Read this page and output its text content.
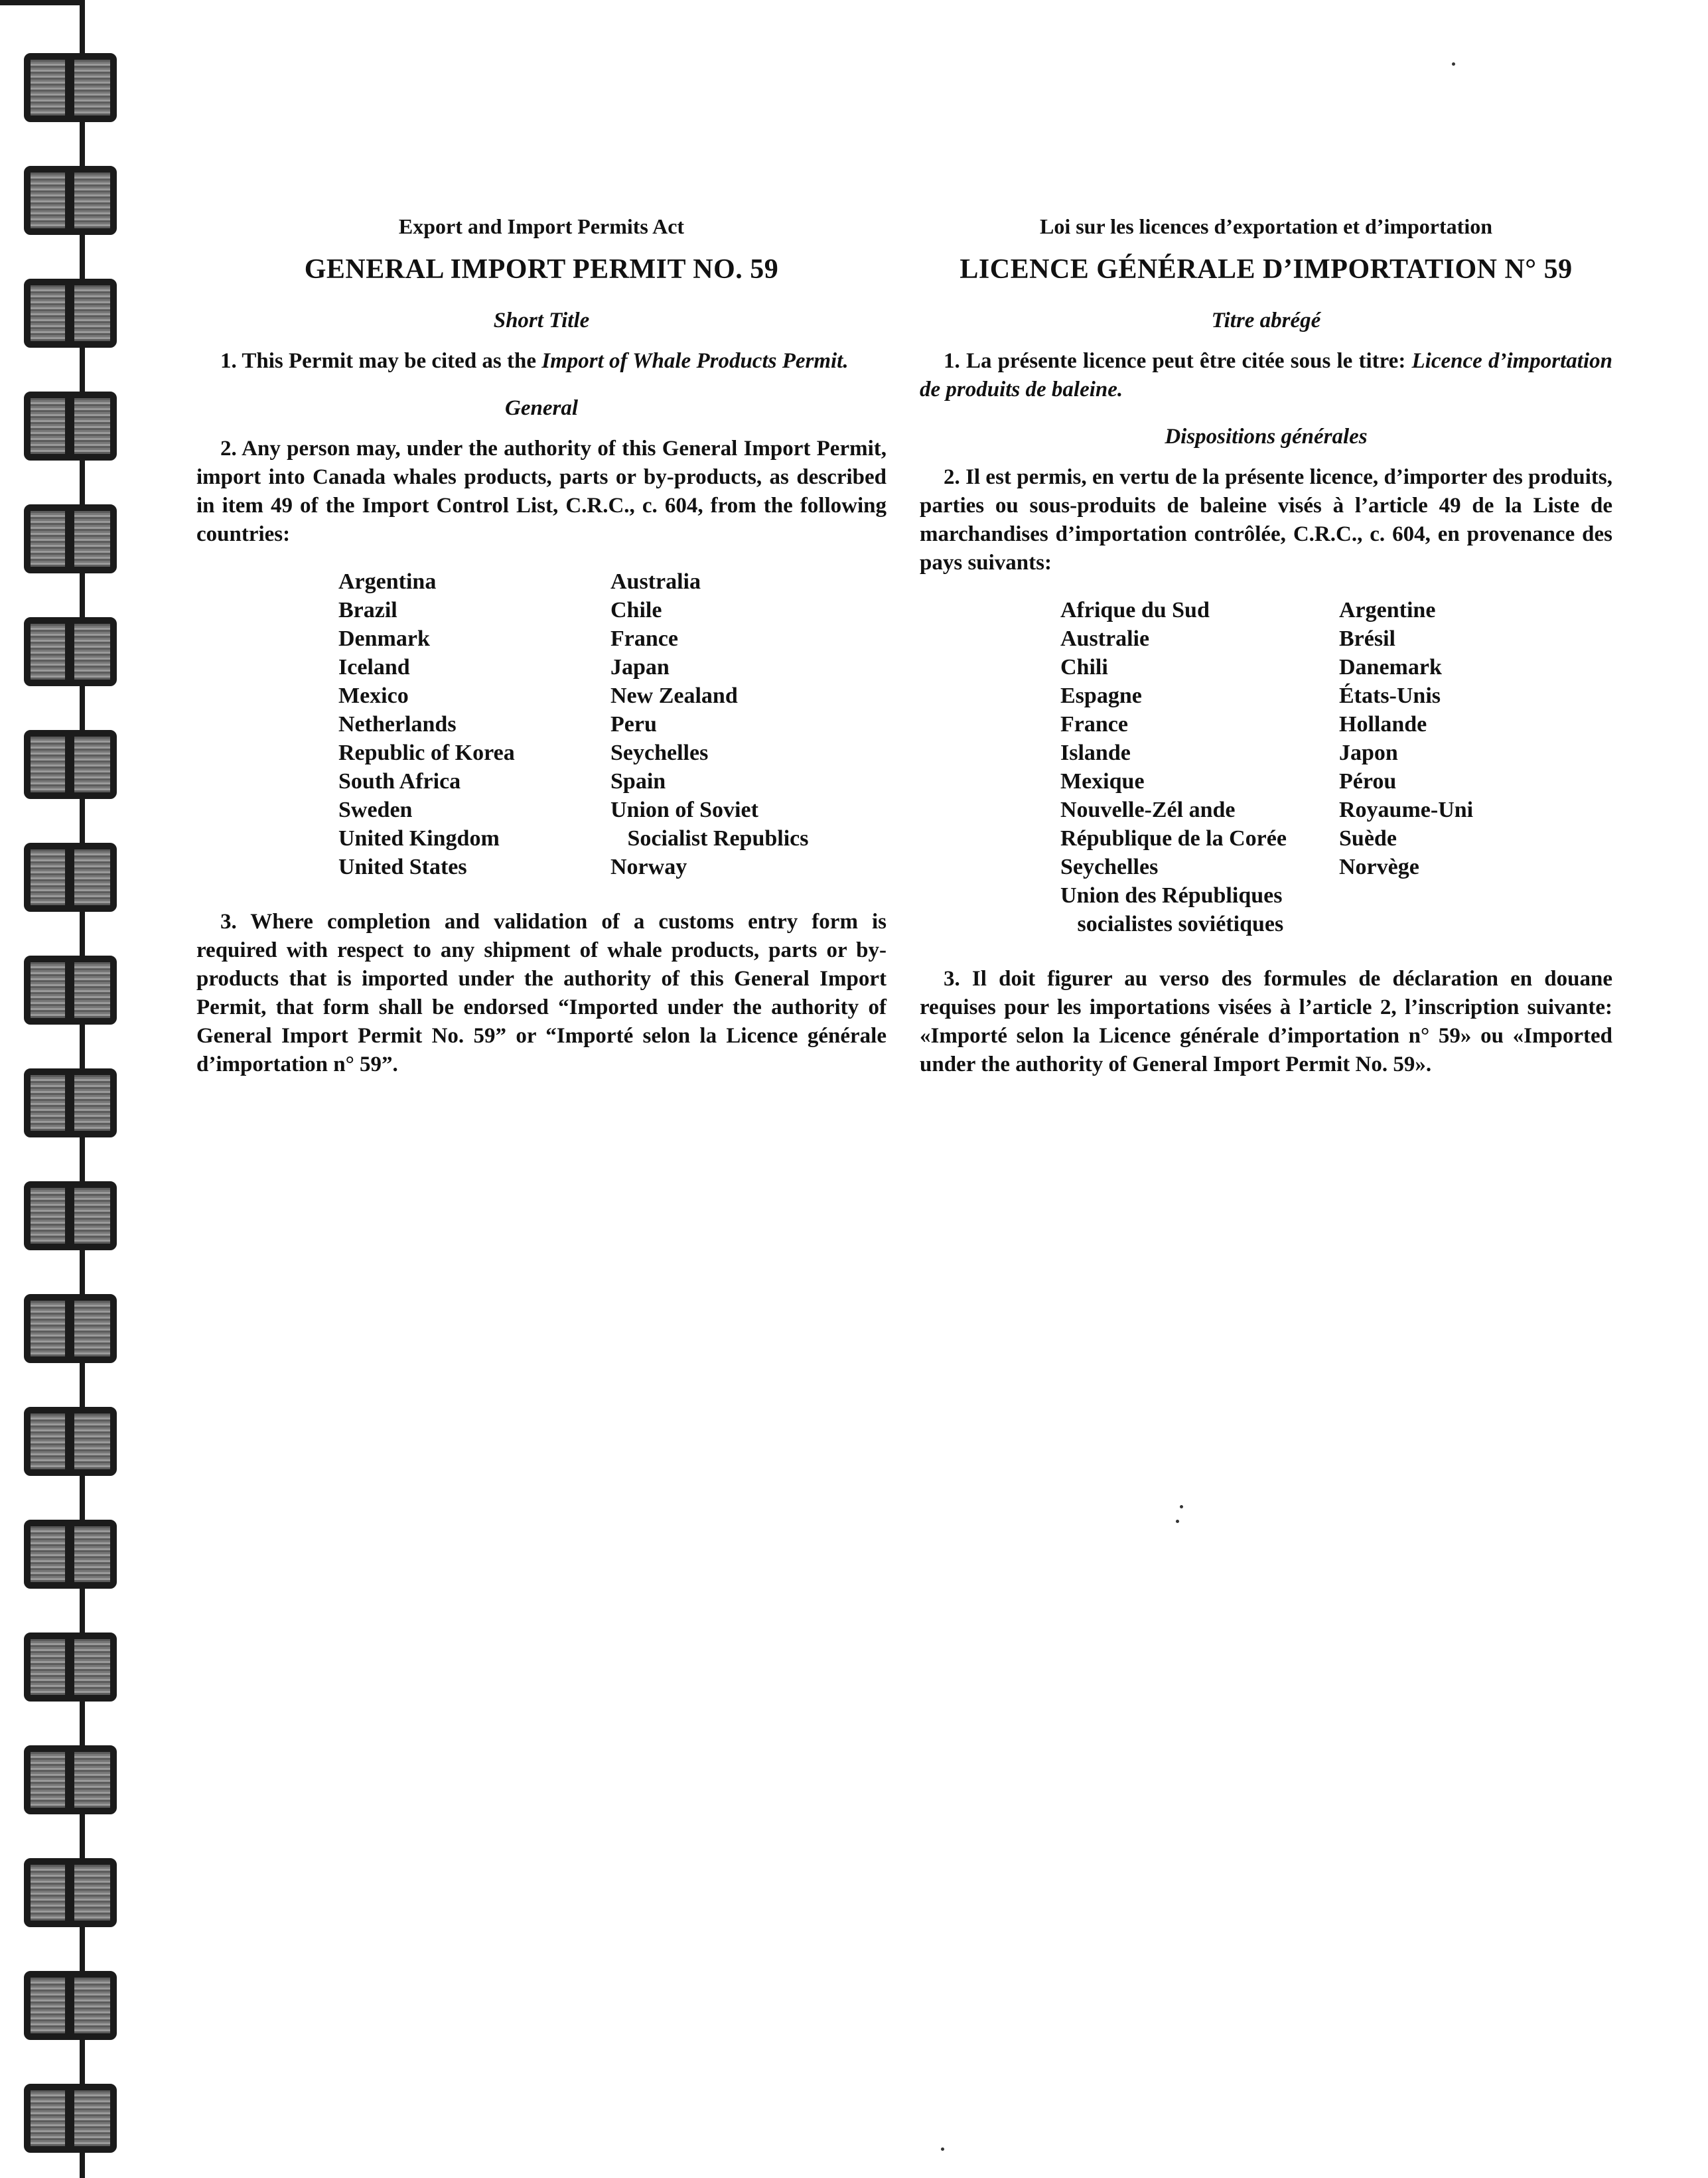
Export and Import Permits Act
GENERAL IMPORT PERMIT NO. 59
Short Title

1. This Permit may be cited as the Import of Whale Products Permit.

General

2. Any person may, under the authority of this General Import Permit, import into Canada whales products, parts or by-products, as described in item 49 of the Import Control List, C.R.C., c. 604, from the following countries:

Argentina
Brazil
Denmark
Iceland
Mexico
Netherlands
Republic of Korea
South Africa
Sweden
United Kingdom
United States
Australia
Chile
France
Japan
New Zealand
Peru
Seychelles
Spain
Union of Soviet
Socialist Republics
Norway

3. Where completion and validation of a customs entry form is required with respect to any shipment of whale products, parts or by-products that is imported under the authority of this General Import Permit, that form shall be endorsed “Imported under the authority of General Import Permit No. 59” or “Importé selon la Licence générale d’importation n° 59”.

Loi sur les licences d’exportation et d’importation
LICENCE GÉNÉRALE D’IMPORTATION N° 59
Titre abrégé

1. La présente licence peut être citée sous le titre: Licence d’importation de produits de baleine.

Dispositions générales

2. Il est permis, en vertu de la présente licence, d’importer des produits, parties ou sous-produits de baleine visés à l’article 49 de la Liste de marchandises d’importation contrôlée, C.R.C., c. 604, en provenance des pays suivants:

Afrique du Sud
Australie
Chili
Espagne
France
Islande
Mexique
Nouvelle-Zél ande
République de la Corée
Seychelles
Union des Républiques
socialistes soviétiques
Argentine
Brésil
Danemark
États-Unis
Hollande
Japon
Pérou
Royaume-Uni
Suède
Norvège

3. Il doit figurer au verso des formules de déclaration en douane requises pour les importations visées à l’article 2, l’inscription suivante: «Importé selon la Licence générale d’importation n° 59» ou «Imported under the authority of General Import Permit No. 59».
